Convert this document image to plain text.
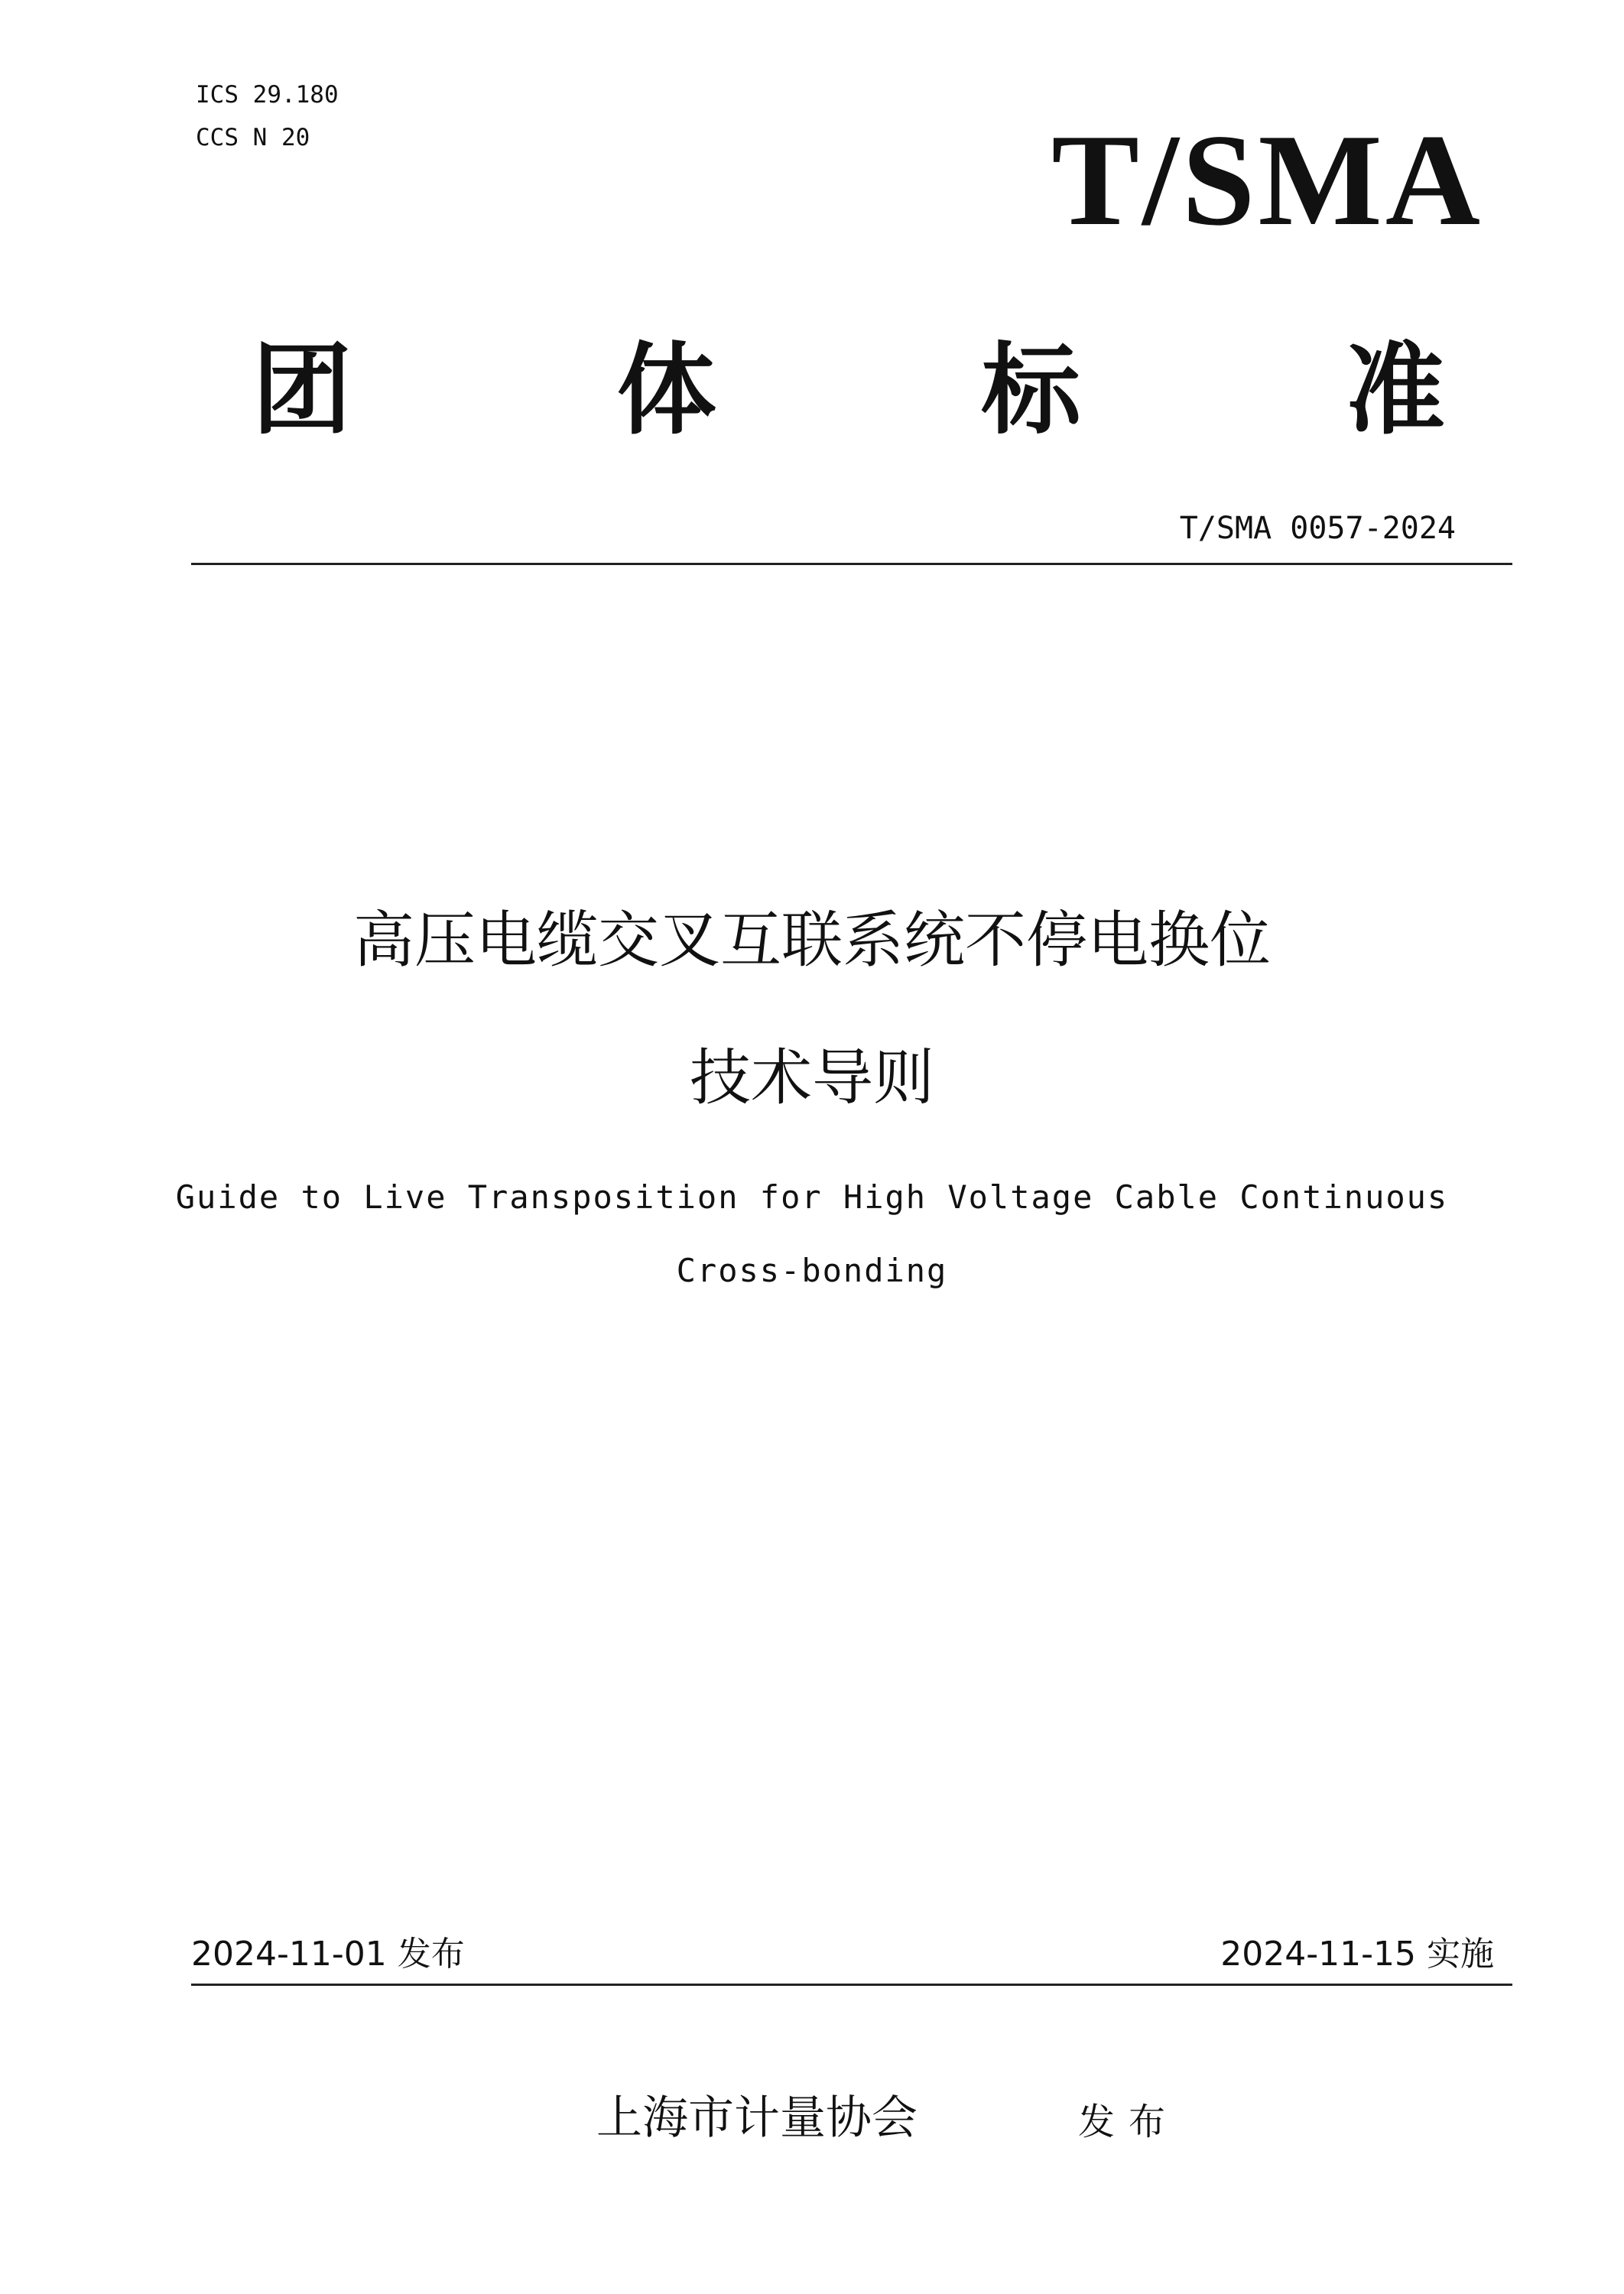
ICS 29.180
CCS N 20	T/SMA
团	体	标	准
T/SMA 0057-2024
高压电缆交叉互联系统不停电换位
技术导则
Guide to Live Transposition for High Voltage Cable Continuous
Cross-bonding
2024-11-01 发布	2024-11-15 实施
上海市计量协会	发布
